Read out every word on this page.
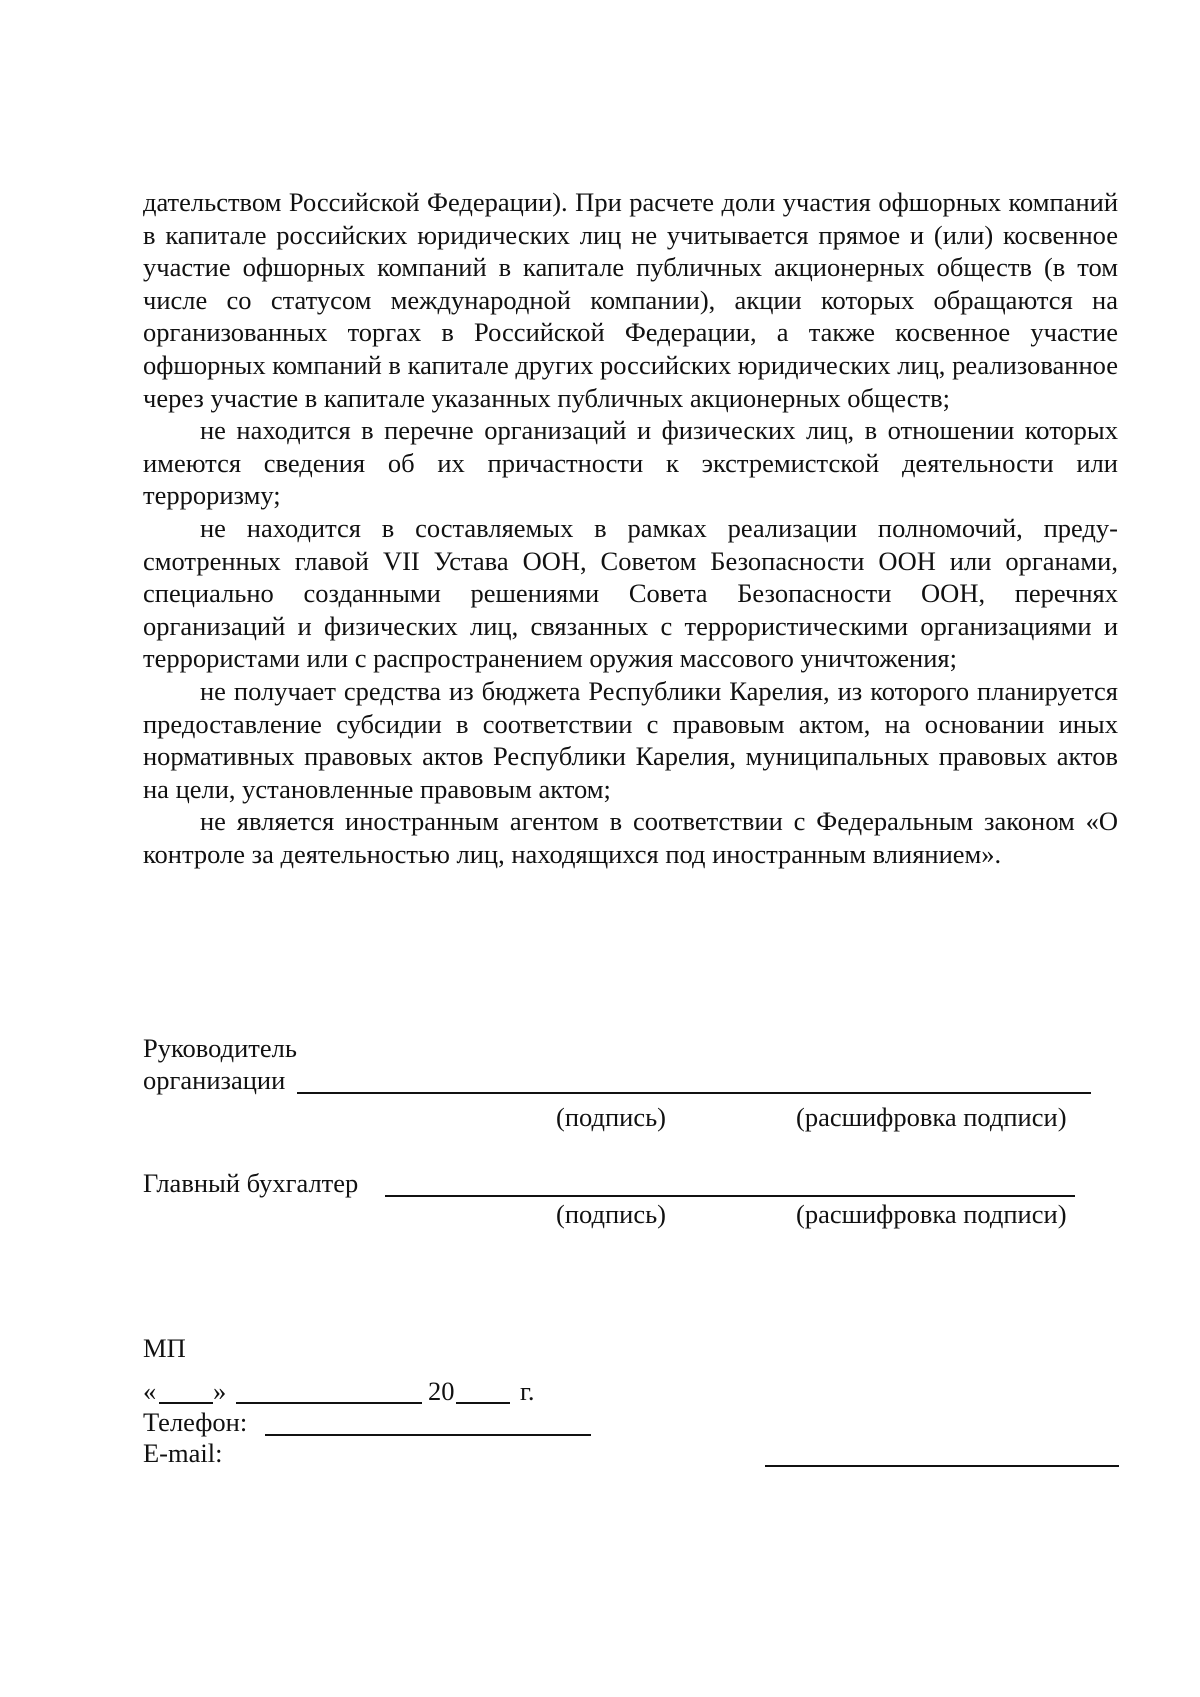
дательством Российской Федерации). При расчете доли участия офшорных компаний в капитале российских юридических лиц не учитывается прямое и (или) косвенное участие офшорных компаний в капитале публичных акционерных обществ (в том числе со статусом международной компании), акции которых обращаются на организованных торгах в Российской Федерации, а также косвенное участие офшорных компаний в капитале других российских юридических лиц, реализованное через участие в капитале указанных публичных акционерных обществ;

не находится в перечне организаций и физических лиц, в отношении которых имеются сведения об их причастности к экстремистской деятельности или терроризму;

не находится в составляемых в рамках реализации полномочий, предусмотренных главой VII Устава ООН, Советом Безопасности ООН или органами, специально созданными решениями Совета Безопасности ООН, перечнях организаций и физических лиц, связанных с террористическими организациями и террористами или с распространением оружия массового уничтожения;

не получает средства из бюджета Республики Карелия, из которого планируется предоставление субсидии в соответствии с правовым актом, на основании иных нормативных правовых актов Республики Карелия, муниципальных правовых актов на цели, установленные правовым актом;

не является иностранным агентом в соответствии с Федеральным законом «О контроле за деятельностью лиц, находящихся под иностранным влиянием».

Руководитель
организации
(подпись)	(расшифровка подписи)
Главный бухгалтер
(подпись)	(расшифровка подписи)
МП
« »	20 г.
Телефон:
E-mail:
